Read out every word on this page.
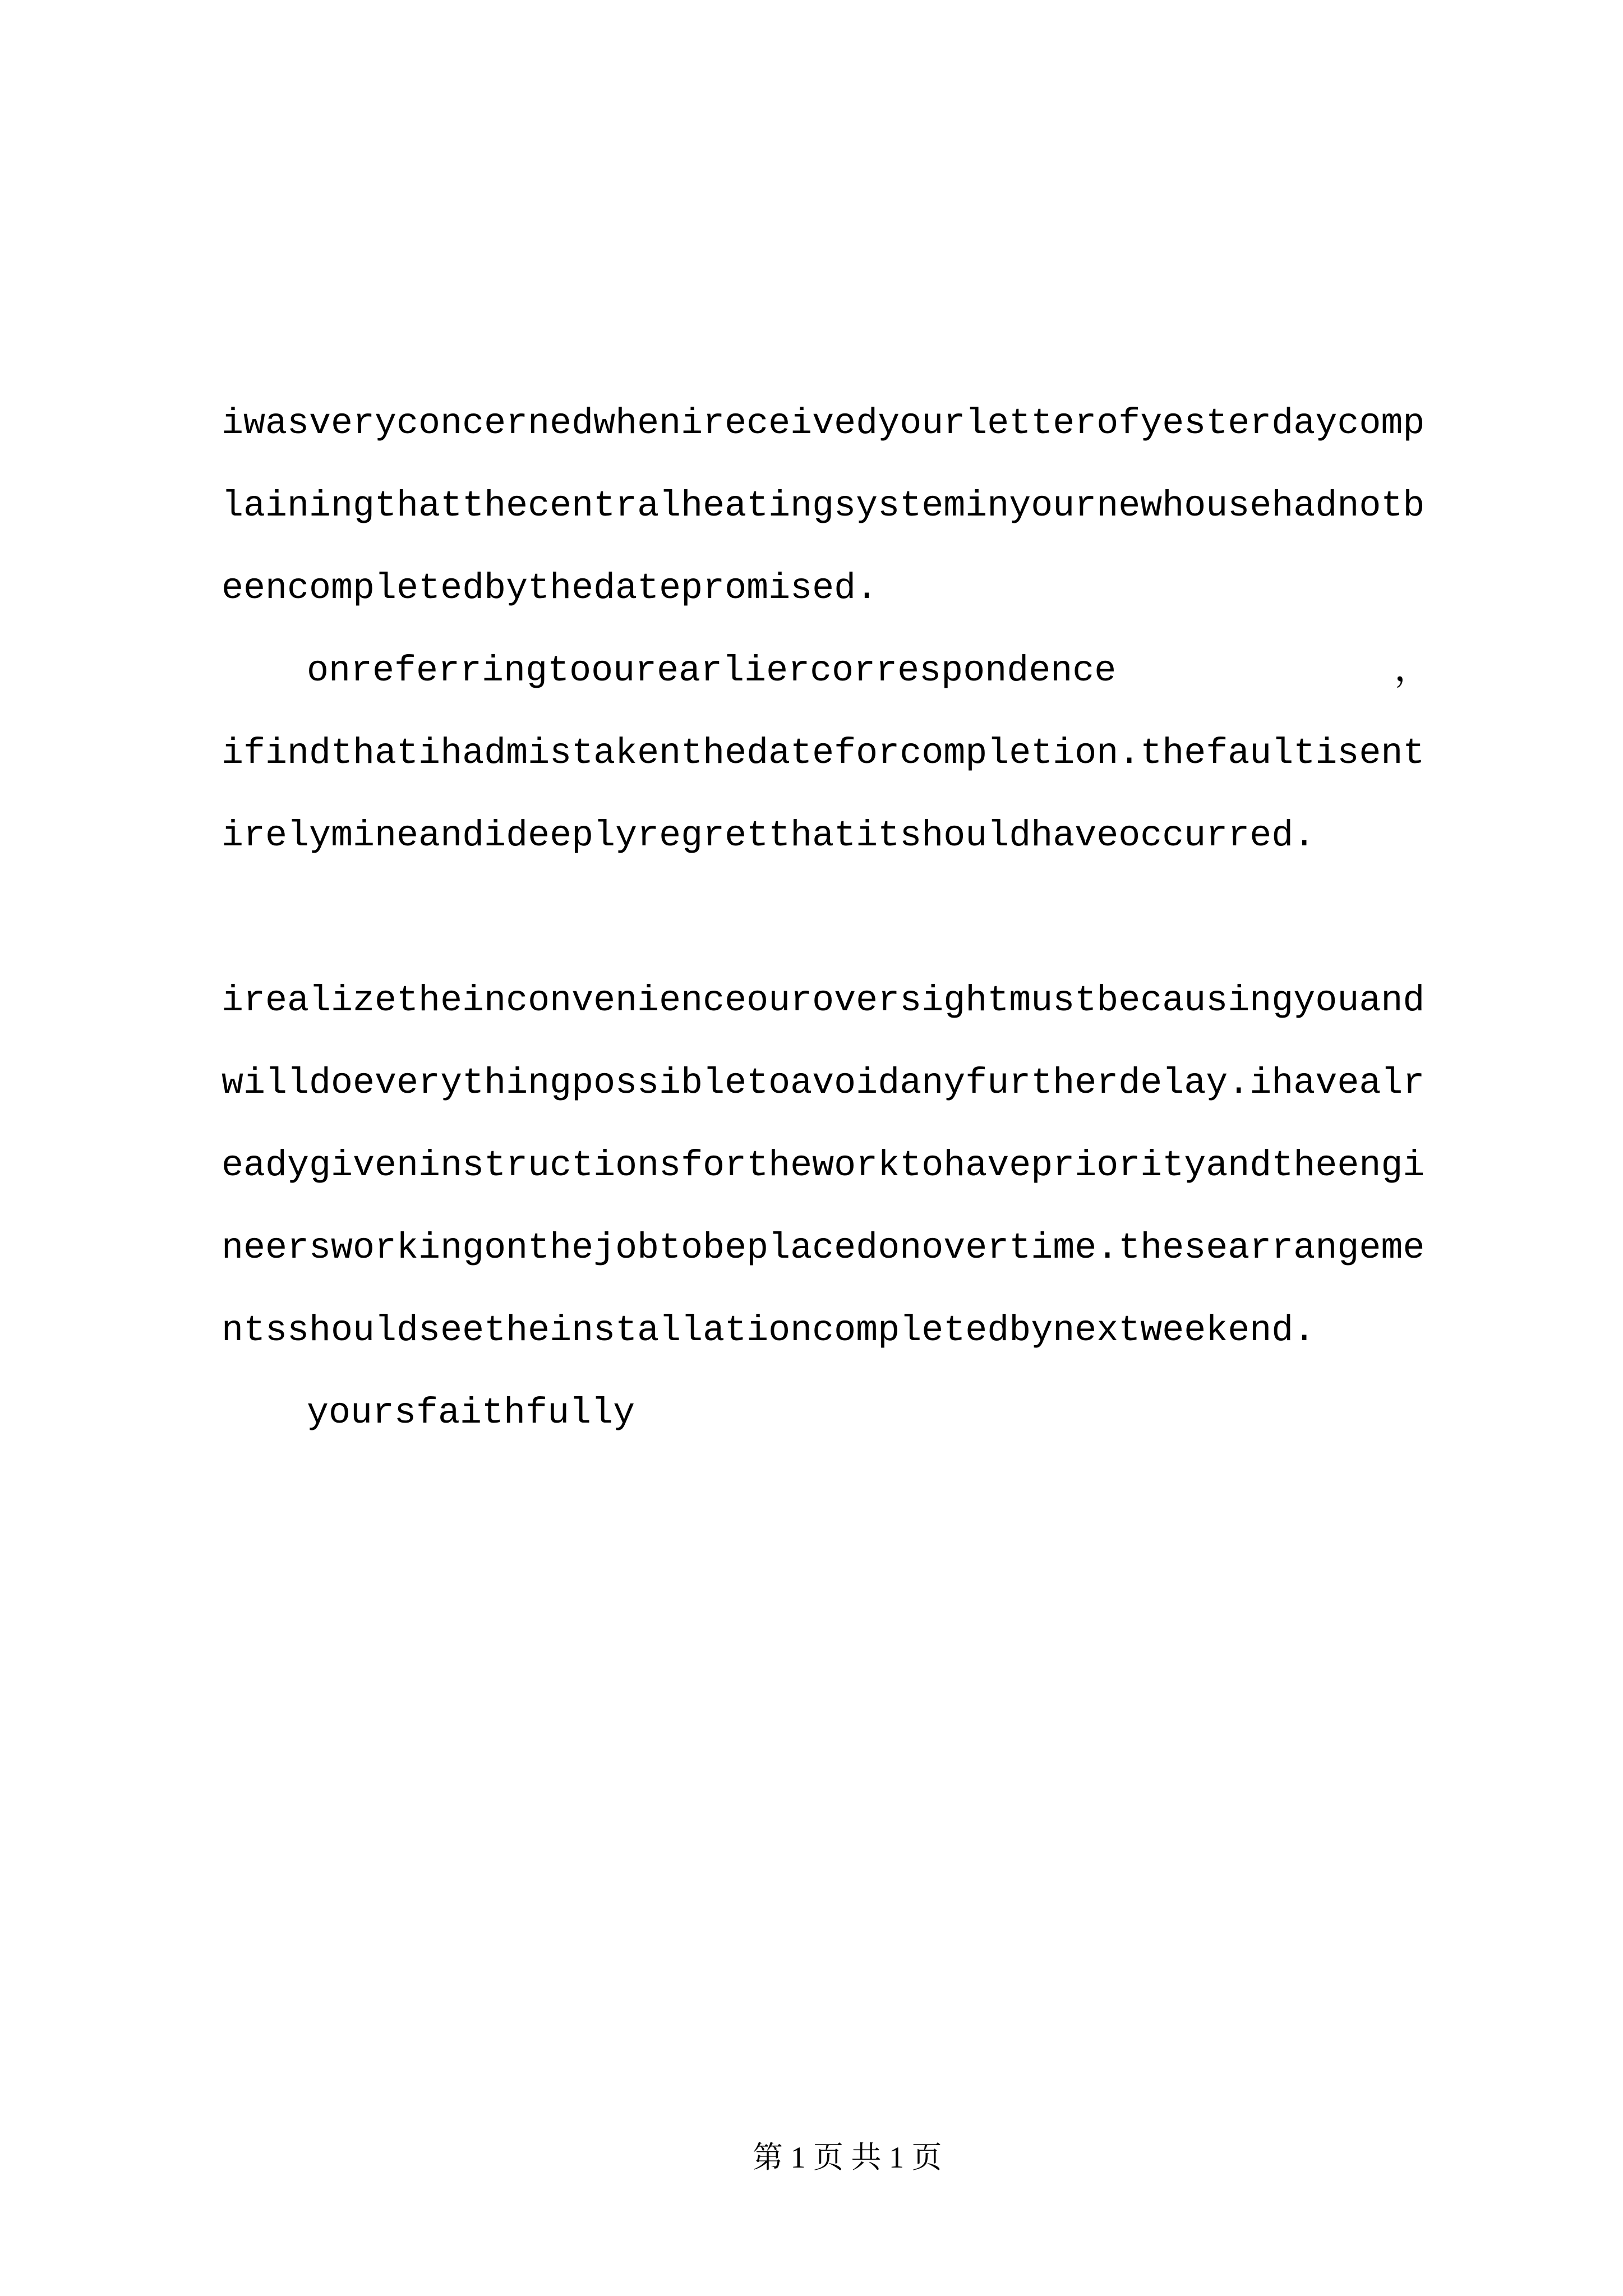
iwasveryconcernedwhenireceivedyourletterofyesterdaycomp
lainingthatthecentralheatingsysteminyournewhousehadnotb
eencompletedbythedatepromised.
onreferringtoourearliercorrespondence	，
ifindthatihadmistakenthedateforcompletion.thefaultisent
irelymineandideeplyregretthatitshouldhaveoccurred.
irealizetheinconvenienceouroversightmustbecausingyouand
willdoeverythingpossibletoavoidanyfurtherdelay.ihavealr
eadygiveninstructionsfortheworktohavepriorityandtheengi
neersworkingonthejobtobeplacedonovertime.thesearrangeme
ntsshouldseetheinstallationcompletedbynextweekend.
yoursfaithfully
第 1 页 共 1 页
